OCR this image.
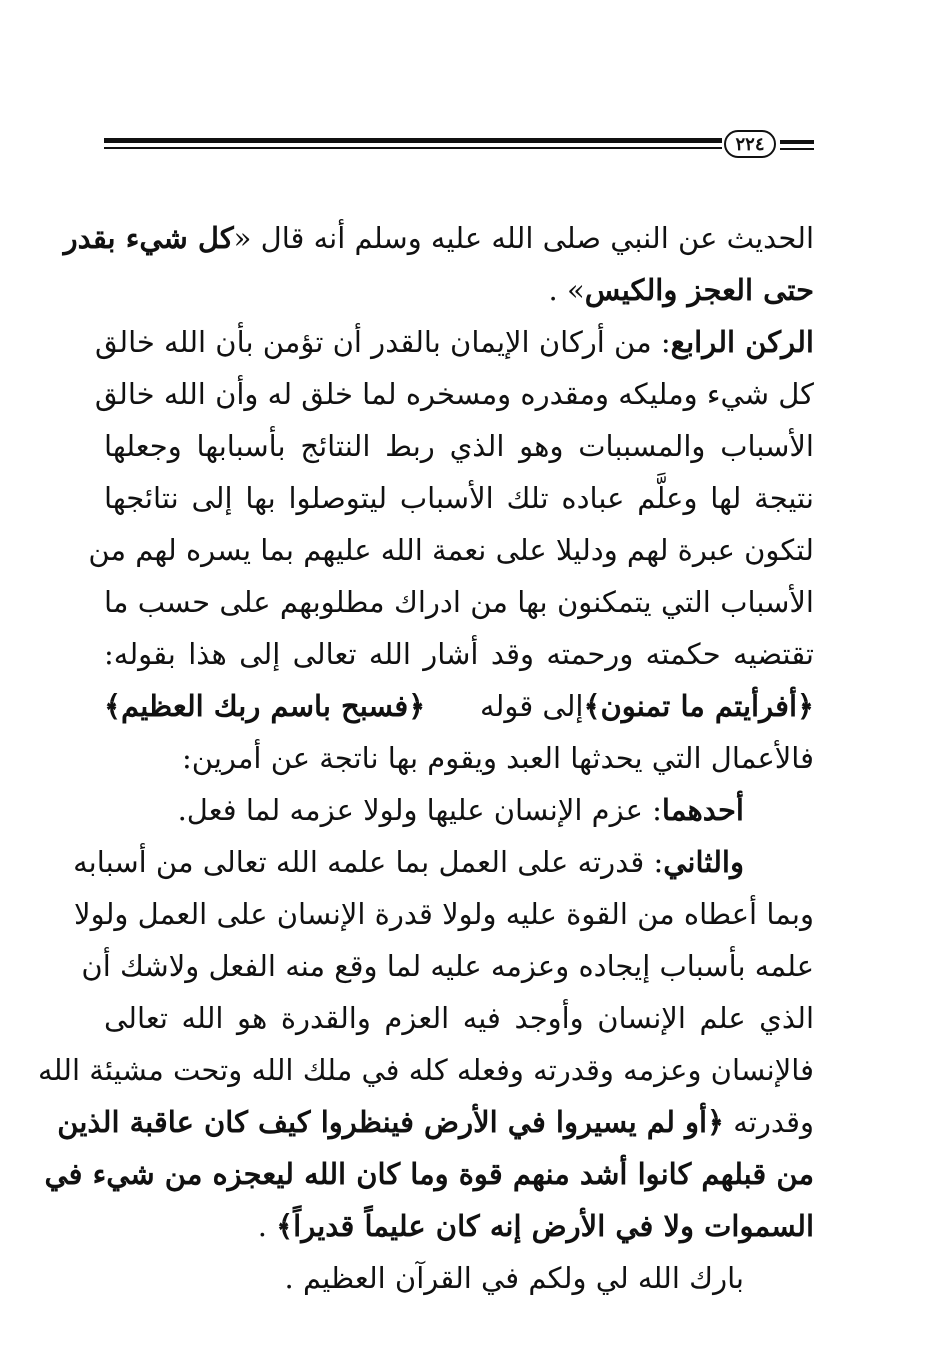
٢٢٤
الحديث عن النبي صلى الله عليه وسلم أنه قال «كل شيء بقدر
حتى العجز والكيس» .
الركن الرابع: من أركان الإيمان بالقدر أن تؤمن بأن الله خالق
كل شيء ومليكه ومقدره ومسخره لما خلق له وأن الله خالق
الأسباب والمسببات وهو الذي ربط النتائج بأسبابها وجعلها
نتيجة لها وعلَّم عباده تلك الأسباب ليتوصلوا بها إلى نتائجها
لتكون عبرة لهم ودليلا على نعمة الله عليهم بما يسره لهم من
الأسباب التي يتمكنون بها من ادراك مطلوبهم على حسب ما
تقتضيه حكمته ورحمته وقد أشار الله تعالى إلى هذا بقوله:
﴿أفرأيتم ما تمنون﴾
إلى قوله
﴿فسبح باسم ربك العظيم﴾
فالأعمال التي يحدثها العبد ويقوم بها ناتجة عن أمرين:
أحدهما: عزم الإنسان عليها ولولا عزمه لما فعل.
والثاني: قدرته على العمل بما علمه الله تعالى من أسبابه
وبما أعطاه من القوة عليه ولولا قدرة الإنسان على العمل ولولا
علمه بأسباب إيجاده وعزمه عليه لما وقع منه الفعل ولاشك أن
الذي علم الإنسان وأوجد فيه العزم والقدرة هو الله تعالى
فالإنسان وعزمه وقدرته وفعله كله في ملك الله وتحت مشيئة الله
وقدرته ﴿أو لم يسيروا في الأرض فينظروا كيف كان عاقبة الذين
من قبلهم كانوا أشد منهم قوة وما كان الله ليعجزه من شيء في
السموات ولا في الأرض إنه كان عليماً قديراً﴾ .
بارك الله لي ولكم في القرآن العظيم .
